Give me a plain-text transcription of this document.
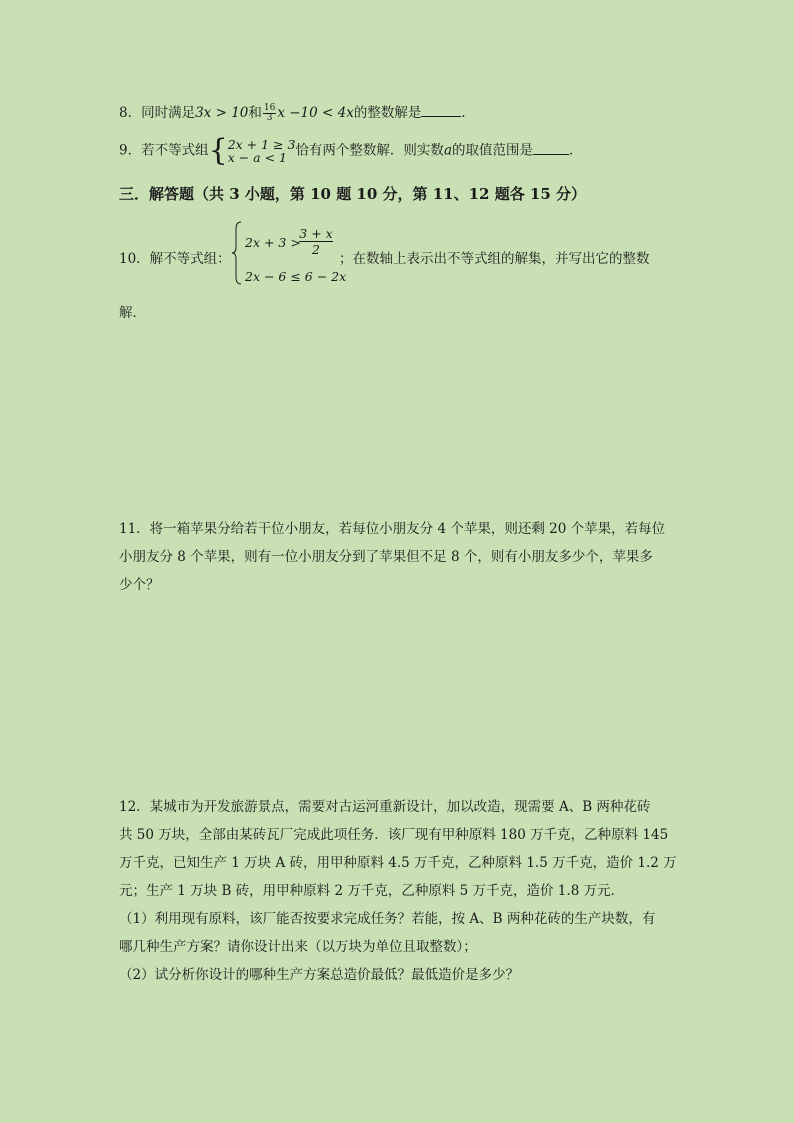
8．同时满足3x > 10和 $\frac{16}{3}$ x −10 < 4x的整数解是	．
9．若不等式组{ 2x + 1 ≥ 3
x − a < 1 恰有两个整数解．则实数a的取值范围是	．
三．解答题（共 3 小题，第 10 题 10 分，第 11、12 题各 15 分）
10．解不等式组：
2x + 3 >
$\frac{3 + x}{2}$
2x − 6 ≤ 6 − 2x
；在数轴上表示出不等式组的解集，并写出它的整数
解．
11．将一箱苹果分给若干位小朋友，若每位小朋友分 4 个苹果，则还剩 20 个苹果，若每位
小朋友分 8 个苹果，则有一位小朋友分到了苹果但不足 8 个，则有小朋友多少个，苹果多
少个？
12．某城市为开发旅游景点，需要对古运河重新设计，加以改造，现需要 A、B 两种花砖
共 50 万块，全部由某砖瓦厂完成此项任务．该厂现有甲种原料 180 万千克，乙种原料 145
万千克，已知生产 1 万块 A 砖，用甲种原料 4.5 万千克，乙种原料 1.5 万千克，造价 1.2 万
元；生产 1 万块 B 砖，用甲种原料 2 万千克，乙种原料 5 万千克，造价 1.8 万元．
（1）利用现有原料，该厂能否按要求完成任务？若能，按 A、B 两种花砖的生产块数，有
哪几种生产方案？请你设计出来（以万块为单位且取整数）；
（2）试分析你设计的哪种生产方案总造价最低？最低造价是多少？
